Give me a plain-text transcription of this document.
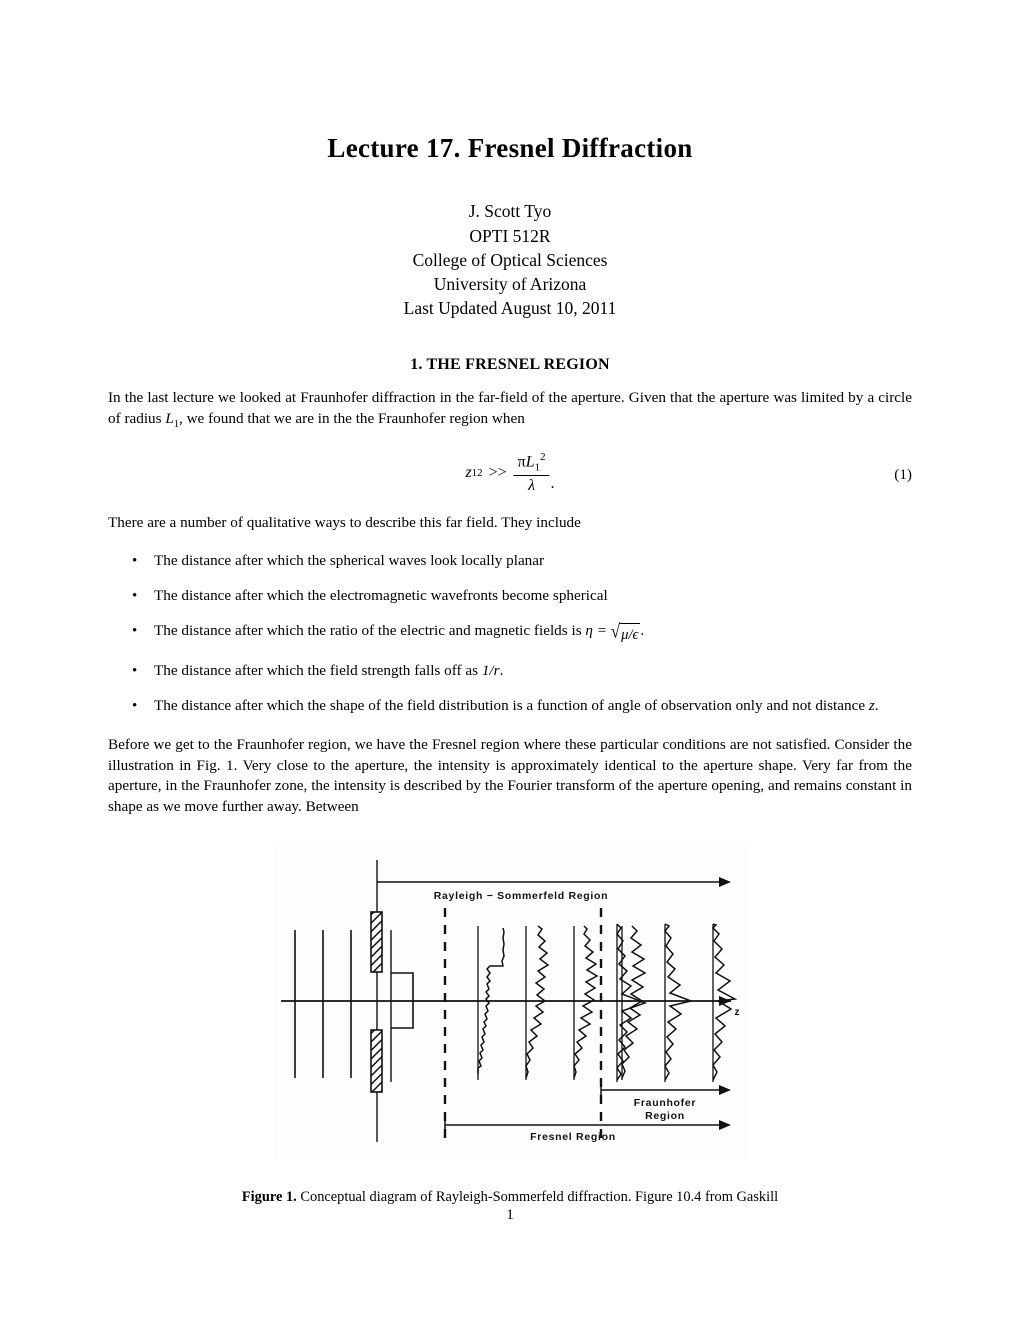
Lecture 17. Fresnel Diffraction
J. Scott Tyo
OPTI 512R
College of Optical Sciences
University of Arizona
Last Updated August 10, 2011
1. THE FRESNEL REGION

In the last lecture we looked at Fraunhofer diffraction in the far-field of the aperture. Given that the aperture was limited by a circle of radius $L_1$, we found that we are in the the Fraunhofer region when

z $12 >> \frac{\pi L_1^2}{\lambda}$ .
(1)

There are a number of qualitative ways to describe this far field. They include

• The distance after which the spherical waves look locally planar
• The distance after which the electromagnetic wavefronts become spherical
• The distance after which the ratio of the electric and magnetic fields is η = √ μ/ϵ .
• The distance after which the field strength falls off as 1/r.
• The distance after which the shape of the field distribution is a function of angle of observation only and not distance z.

Before we get to the Fraunhofer region, we have the Fresnel region where these particular conditions are not satisfied. Consider the illustration in Fig. 1. Very close to the aperture, the intensity is approximately identical to the aperture shape. Very far from the aperture, in the Fraunhofer zone, the intensity is described by the Fourier transform of the aperture opening, and remains constant in shape as we move further away. Between

Rayleigh − Sommerfeld Region
Fraunhofer
Region
Fresnel Region
z
Figure 1. Conceptual diagram of Rayleigh-Sommerfeld diffraction. Figure 10.4 from Gaskill
1
